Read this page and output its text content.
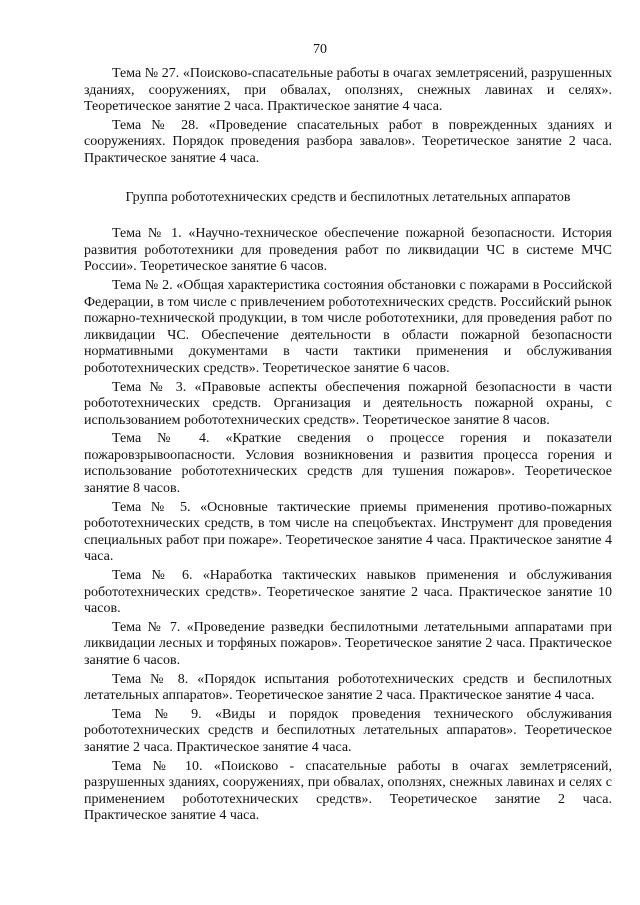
70

Тема № 27. «Поисково-спасательные работы в очагах землетрясений, разрушенных зданиях, сооружениях, при обвалах, оползнях, снежных лавинах и селях». Теоретическое занятие 2 часа. Практическое занятие 4 часа.

Тема № 28. «Проведение спасательных работ в поврежденных зданиях и сооружениях. Порядок проведения разбора завалов». Теоретическое занятие 2 часа. Практическое занятие 4 часа.

Группа робототехнических средств и беспилотных летательных аппаратов

Тема № 1. «Научно-техническое обеспечение пожарной безопасности. История развития робототехники для проведения работ по ликвидации ЧС в системе МЧС России». Теоретическое занятие 6 часов.

Тема № 2. «Общая характеристика состояния обстановки с пожарами в Российской Федерации, в том числе с привлечением робототехнических средств. Российский рынок пожарно-технической продукции, в том числе робототехники, для проведения работ по ликвидации ЧС. Обеспечение деятельности в области пожарной безопасности нормативными документами в части тактики применения и обслуживания робототехнических средств». Теоретическое занятие 6 часов.

Тема № 3. «Правовые аспекты обеспечения пожарной безопасности в части робототехнических средств. Организация и деятельность пожарной охраны, с использованием робототехнических средств». Теоретическое занятие 8 часов.

Тема № 4. «Краткие сведения о процессе горения и показатели пожаровзрывоопасности. Условия возникновения и развития процесса горения и использование робототехнических средств для тушения пожаров». Теоретическое занятие 8 часов.

Тема № 5. «Основные тактические приемы применения противо-пожарных робототехнических средств, в том числе на спецобъектах. Инструмент для проведения специальных работ при пожаре». Теоретическое занятие 4 часа. Практическое занятие 4 часа.

Тема № 6. «Наработка тактических навыков применения и обслуживания робототехнических средств». Теоретическое занятие 2 часа. Практическое занятие 10 часов.

Тема № 7. «Проведение разведки беспилотными летательными аппаратами при ликвидации лесных и торфяных пожаров». Теоретическое занятие 2 часа. Практическое занятие 6 часов.

Тема № 8. «Порядок испытания робототехнических средств и беспилотных летательных аппаратов». Теоретическое занятие 2 часа. Практическое занятие 4 часа.

Тема № 9. «Виды и порядок проведения технического обслуживания робототехнических средств и беспилотных летательных аппаратов». Теоретическое занятие 2 часа. Практическое занятие 4 часа.

Тема № 10. «Поисково - спасательные работы в очагах землетрясений, разрушенных зданиях, сооружениях, при обвалах, оползнях, снежных лавинах и селях с применением робототехнических средств». Теоретическое занятие 2 часа. Практическое занятие 4 часа.
